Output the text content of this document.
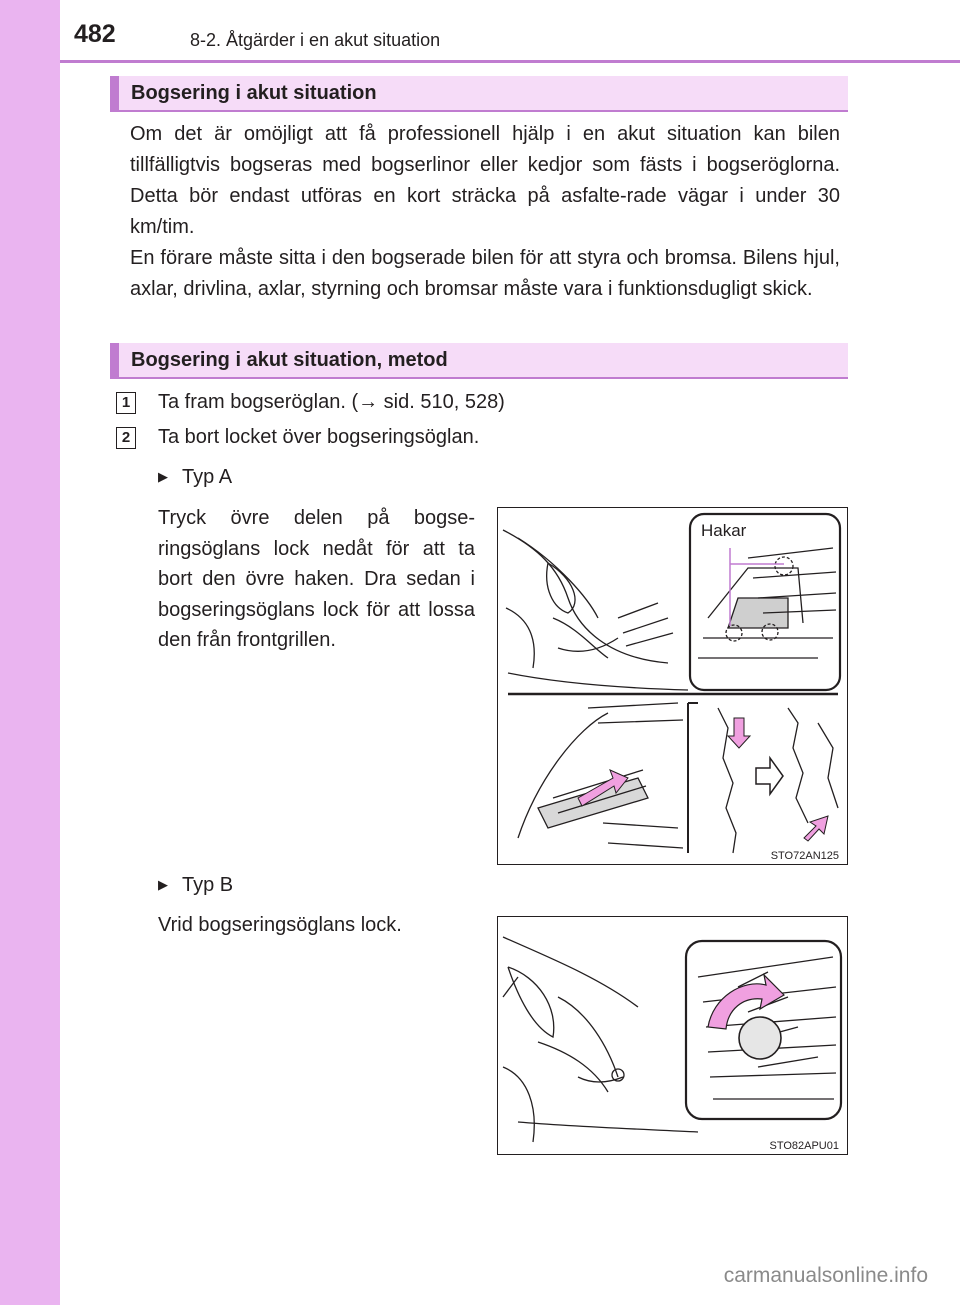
482	8-2. Åtgärder i en akut situation
Bogsering i akut situation

Om det är omöjligt att få professionell hjälp i en akut situation kan bilen tillfälligtvis bogseras med bogserlinor eller kedjor som fästs i bogseröglorna. Detta bör endast utföras en kort sträcka på asfalte-rade vägar i under 30 km/tim.

En förare måste sitta i den bogserade bilen för att styra och bromsa. Bilens hjul, axlar, drivlina, axlar, styrning och bromsar måste vara i funktionsdugligt skick.

Bogsering i akut situation, metod
1 Ta fram bogseröglan. (→ sid. 510, 528)
2 Ta bort locket över bogseringsöglan.
▶ Typ A
Tryck övre delen på bogse-ringsöglans lock nedåt för att ta bort den övre haken. Dra sedan i bogseringsöglans lock för att lossa den från frontgrillen.
Hakar
STO72AN125
▶ Typ B
Vrid bogseringsöglans lock.
STO82APU01
carmanualsonline.info
